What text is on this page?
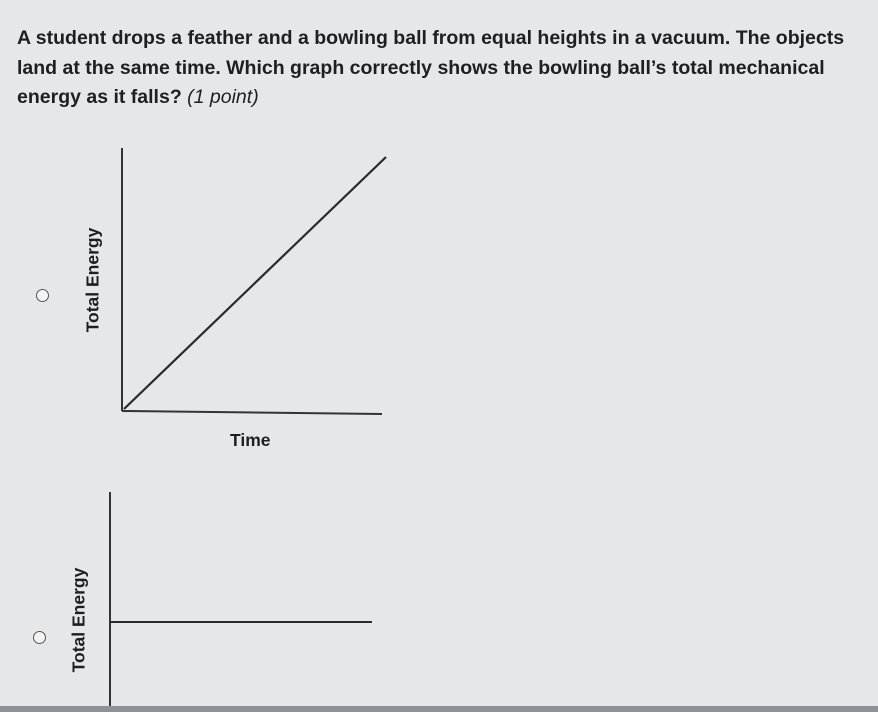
A student drops a feather and a bowling ball from equal heights in a vacuum. The objects land at the same time. Which graph correctly shows the bowling ball’s total mechanical energy as it falls? (1 point)
Total Energy
Time
Total Energy
